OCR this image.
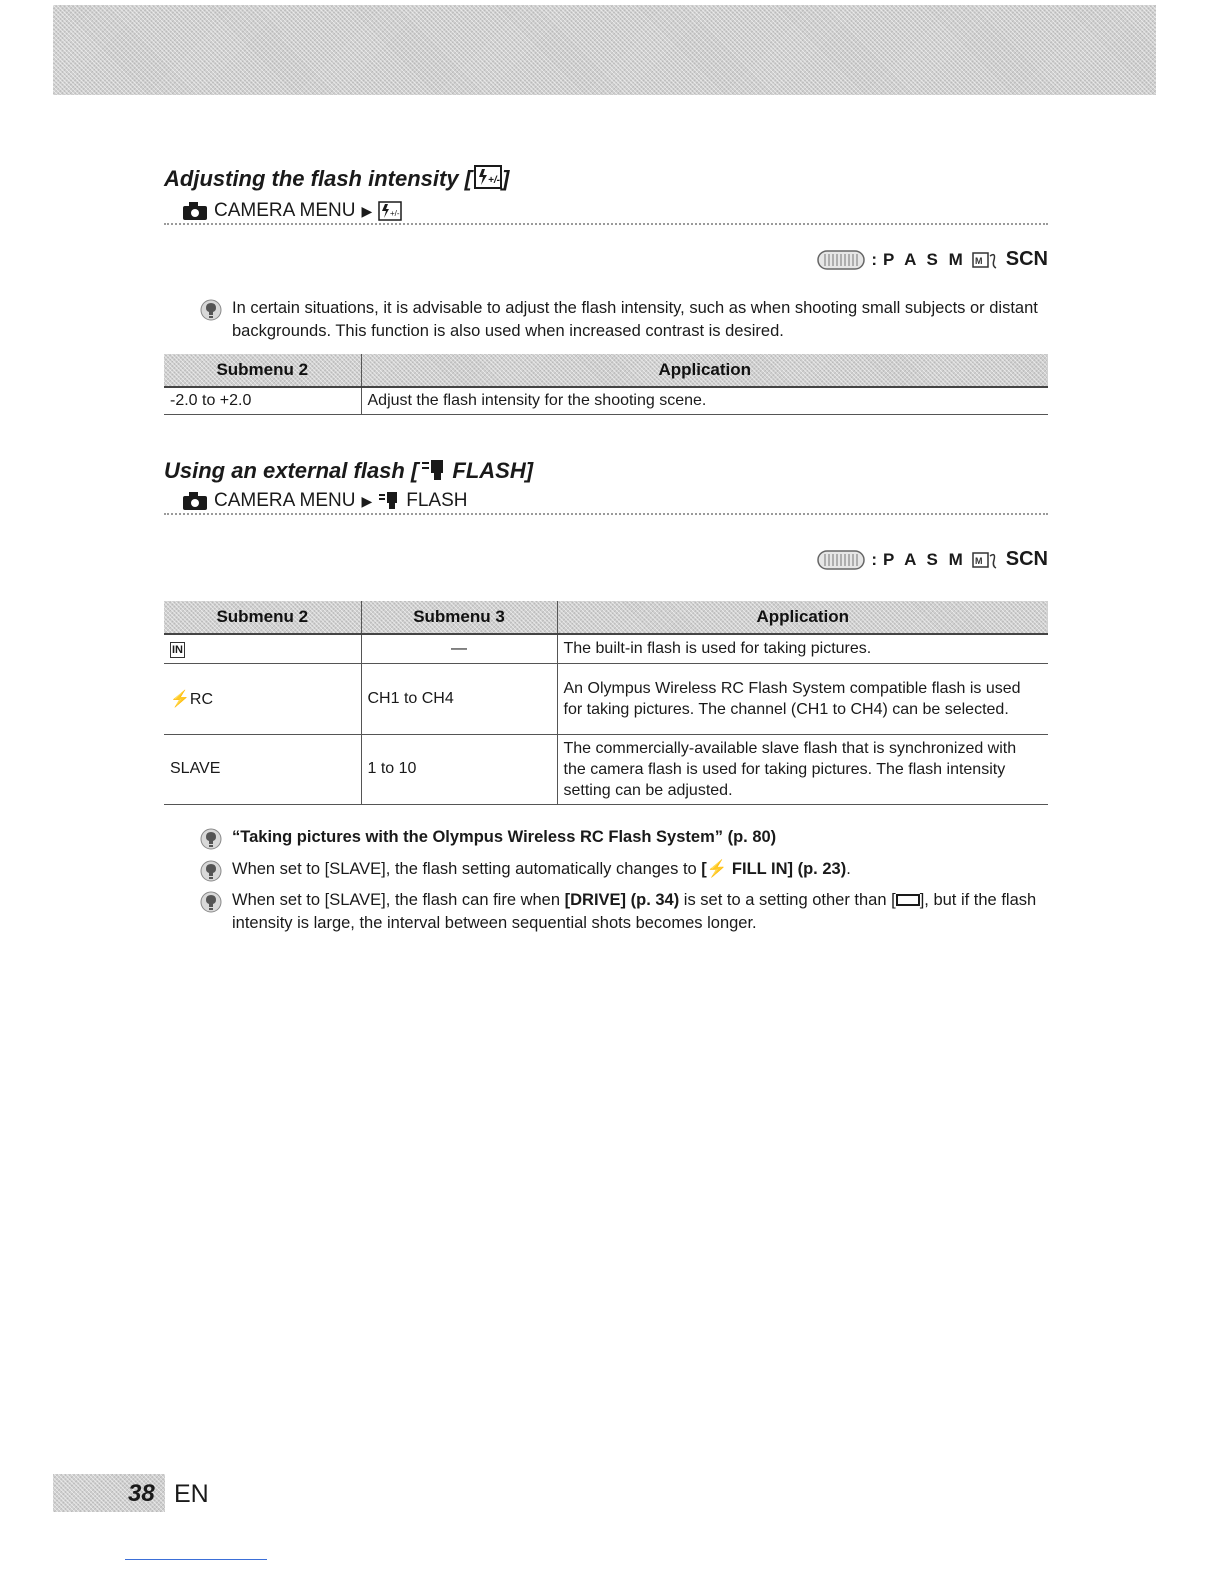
Adjusting the flash intensity [ +/- ]
CAMERA MENU ▶ +/-
: P A S M M SCN
In certain situations, it is advisable to adjust the flash intensity, such as when shooting small subjects or distant backgrounds. This function is also used when increased contrast is desired.
Submenu 2	Application
-2.0 to +2.0	Adjust the flash intensity for the shooting scene.
Using an external flash [ FLASH]
CAMERA MENU ▶ FLASH
: P A S M M SCN
Submenu 2	Submenu 3	Application
IN	—	The built-in flash is used for taking pictures.
⚡RC	CH1 to CH4	An Olympus Wireless RC Flash System compatible flash is used for taking pictures. The channel (CH1 to CH4) can be selected.
SLAVE	1 to 10	The commercially-available slave flash that is synchronized with the camera flash is used for taking pictures. The flash intensity setting can be adjusted.
“Taking pictures with the Olympus Wireless RC Flash System” (p. 80)
When set to [SLAVE], the flash setting automatically changes to [⚡ FILL IN] (p. 23).
When set to [SLAVE], the flash can fire when [DRIVE] (p. 34) is set to a setting other than [ ], but if the flash intensity is large, the interval between sequential shots becomes longer.
38 EN
